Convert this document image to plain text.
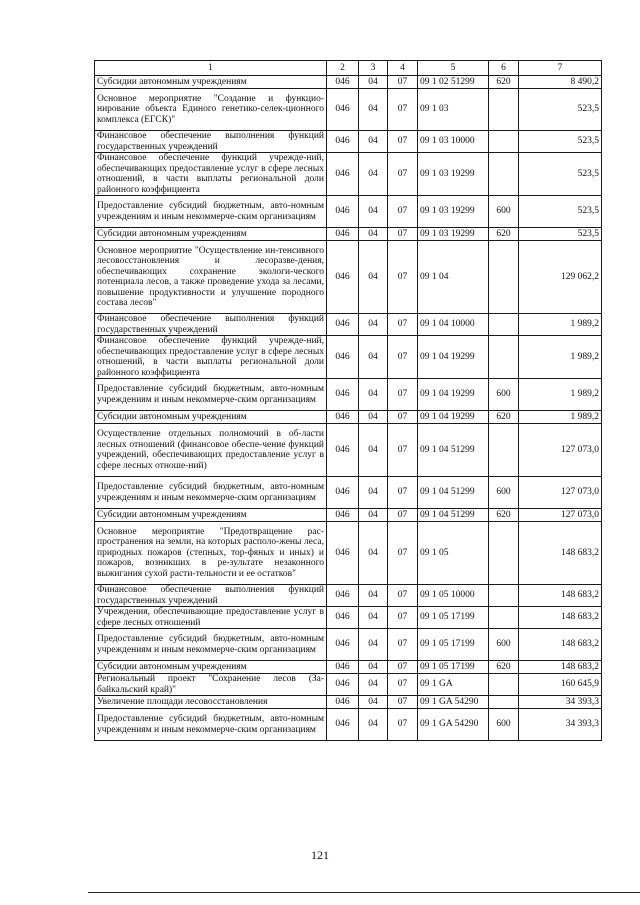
1	2	3	4	5	6	7
Субсидии автономным учреждениям	046	04	07	09 1 02 51299	620	8 490,2
Основное мероприятие "Создание и функцио-нирование объекта Единого генетико-селек-ционного комплекса (ЕГСК)"	046	04	07	09 1 03		523,5
Финансовое обеспечение выполнения функций государственных учреждений	046	04	07	09 1 03 10000		523,5
Финансовое обеспечение функций учрежде-ний, обеспечивающих предоставление услуг в сфере лесных отношений, в части выплаты региональной доли районного коэффициента	046	04	07	09 1 03 19299		523,5
Предоставление субсидий бюджетным, авто-номным учреждениям и иным некоммерче-ским организациям	046	04	07	09 1 03 19299	600	523,5
Субсидии автономным учреждениям	046	04	07	09 1 03 19299	620	523,5
Основное мероприятие "Осуществление ин-тенсивного лесовосстановления и лесоразве-дения, обеспечивающих сохранение экологи-ческого потенциала лесов, а также проведение ухода за лесами, повышение продуктивности и улучшение породного состава лесов"	046	04	07	09 1 04		129 062,2
Финансовое обеспечение выполнения функций государственных учреждений	046	04	07	09 1 04 10000		1 989,2
Финансовое обеспечение функций учрежде-ний, обеспечивающих предоставление услуг в сфере лесных отношений, в части выплаты региональной доли районного коэффициента	046	04	07	09 1 04 19299		1 989,2
Предоставление субсидий бюджетным, авто-номным учреждениям и иным некоммерче-ским организациям	046	04	07	09 1 04 19299	600	1 989,2
Субсидии автономным учреждениям	046	04	07	09 1 04 19299	620	1 989,2
Осуществление отдельных полномочий в об-ласти лесных отношений (финансовое обеспе-чение функций учреждений, обеспечивающих предоставление услуг в сфере лесных отноше-ний)	046	04	07	09 1 04 51299		127 073,0
Предоставление субсидий бюджетным, авто-номным учреждениям и иным некоммерче-ским организациям	046	04	07	09 1 04 51299	600	127 073,0
Субсидии автономным учреждениям	046	04	07	09 1 04 51299	620	127 073,0
Основное мероприятие "Предотвращение рас-пространения на земли, на которых располо-жены леса, природных пожаров (степных, тор-фяных и иных) и пожаров, возникших в ре-зультате незаконного выжигания сухой расти-тельности и ее остатков"	046	04	07	09 1 05		148 683,2
Финансовое обеспечение выполнения функций государственных учреждений	046	04	07	09 1 05 10000		148 683,2
Учреждения, обеспечивающие предоставление услуг в сфере лесных отношений	046	04	07	09 1 05 17199		148 683,2
Предоставление субсидий бюджетным, авто-номным учреждениям и иным некоммерче-ским организациям	046	04	07	09 1 05 17199	600	148 683,2
Субсидии автономным учреждениям	046	04	07	09 1 05 17199	620	148 683,2
Региональный проект "Сохранение лесов (За-байкальский край)"	046	04	07	09 1 GA		160 645,9
Увеличение площади лесовосстановления	046	04	07	09 1 GA 54290		34 393,3
Предоставление субсидий бюджетным, авто-номным учреждениям и иным некоммерче-ским организациям	046	04	07	09 1 GA 54290	600	34 393,3
121
